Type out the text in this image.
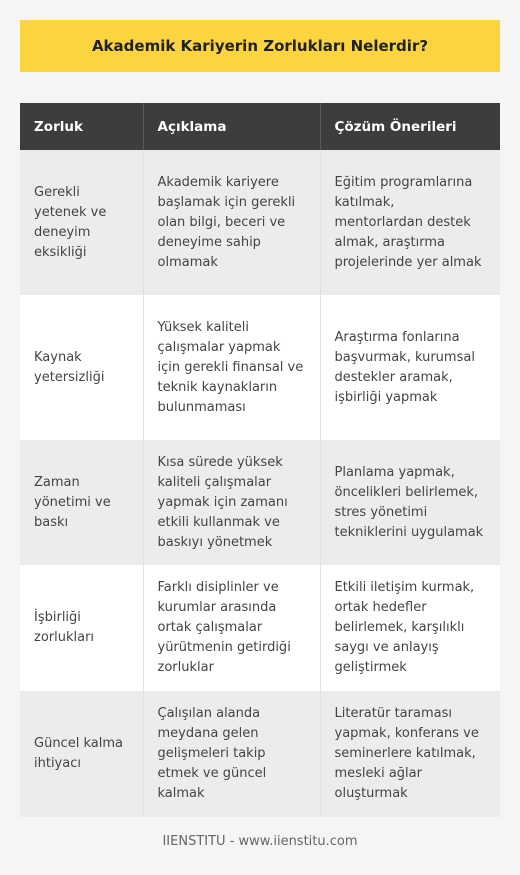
Akademik Kariyerin Zorlukları Nelerdir?
Zorluk	Açıklama	Çözüm Önerileri
Gerekli yetenek ve deneyim eksikliği	Akademik kariyere başlamak için gerekli olan bilgi, beceri ve deneyime sahip olmamak	Eğitim programlarına katılmak, mentorlardan destek almak, araştırma projelerinde yer almak
Kaynak yetersizliği	Yüksek kaliteli çalışmalar yapmak için gerekli finansal ve teknik kaynakların bulunmaması	Araştırma fonlarına başvurmak, kurumsal destekler aramak, işbirliği yapmak
Zaman yönetimi ve baskı	Kısa sürede yüksek kaliteli çalışmalar yapmak için zamanı etkili kullanmak ve baskıyı yönetmek	Planlama yapmak, öncelikleri belirlemek, stres yönetimi tekniklerini uygulamak
İşbirliği zorlukları	Farklı disiplinler ve kurumlar arasında ortak çalışmalar yürütmenin getirdiği zorluklar	Etkili iletişim kurmak, ortak hedefler belirlemek, karşılıklı saygı ve anlayış geliştirmek
Güncel kalma ihtiyacı	Çalışılan alanda meydana gelen gelişmeleri takip etmek ve güncel kalmak	Literatür taraması yapmak, konferans ve seminerlere katılmak, mesleki ağlar oluşturmak
IIENSTITU - www.iienstitu.com
